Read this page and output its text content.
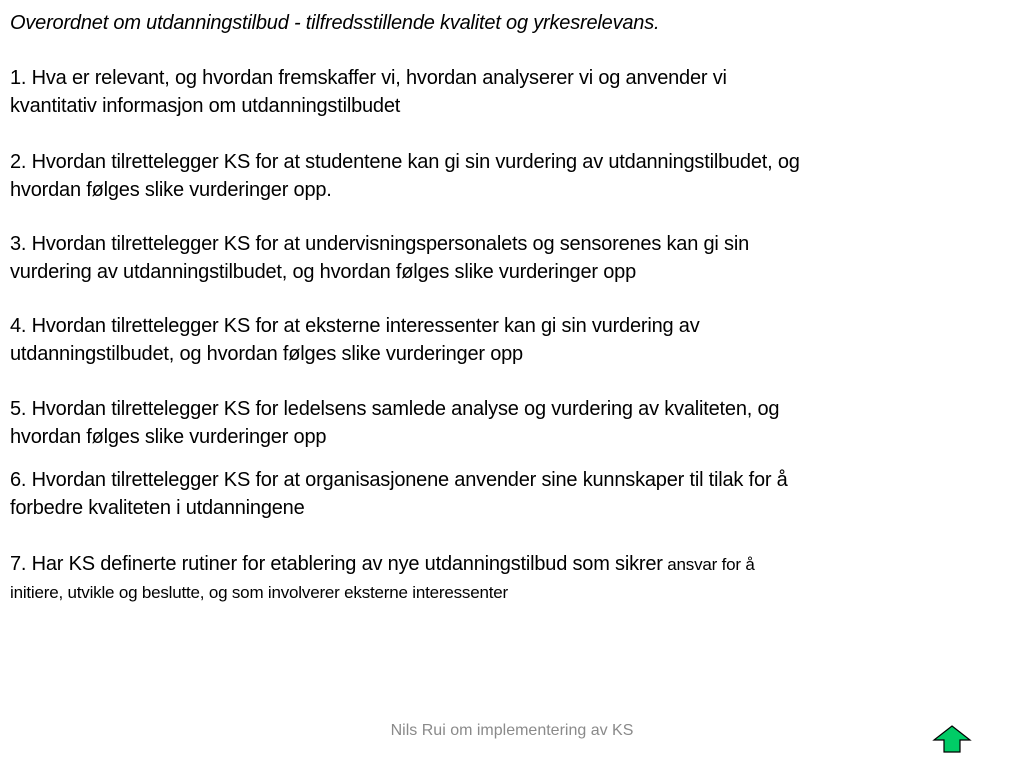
Overordnet om utdanningstilbud - tilfredsstillende kvalitet og yrkesrelevans.
1. Hva er relevant, og hvordan fremskaffer vi, hvordan analyserer vi og anvender vi
kvantitativ informasjon om utdanningstilbudet
2. Hvordan tilrettelegger KS for at studentene kan gi sin vurdering av utdanningstilbudet, og
hvordan følges slike vurderinger opp.
3. Hvordan tilrettelegger KS for at undervisningspersonalets og sensorenes kan gi sin
vurdering av utdanningstilbudet, og hvordan følges slike vurderinger opp
4. Hvordan tilrettelegger KS for at eksterne interessenter kan gi sin vurdering av
utdanningstilbudet, og hvordan følges slike vurderinger opp
5. Hvordan tilrettelegger KS for ledelsens samlede analyse og vurdering av kvaliteten, og
hvordan følges slike vurderinger opp
6. Hvordan tilrettelegger KS for at organisasjonene anvender sine kunnskaper til tilak for å
forbedre kvaliteten i utdanningene
7. Har KS definerte rutiner for etablering av nye utdanningstilbud som sikrer ansvar for å
initiere, utvikle og beslutte, og som involverer eksterne interessenter
Nils Rui om implementering av KS
